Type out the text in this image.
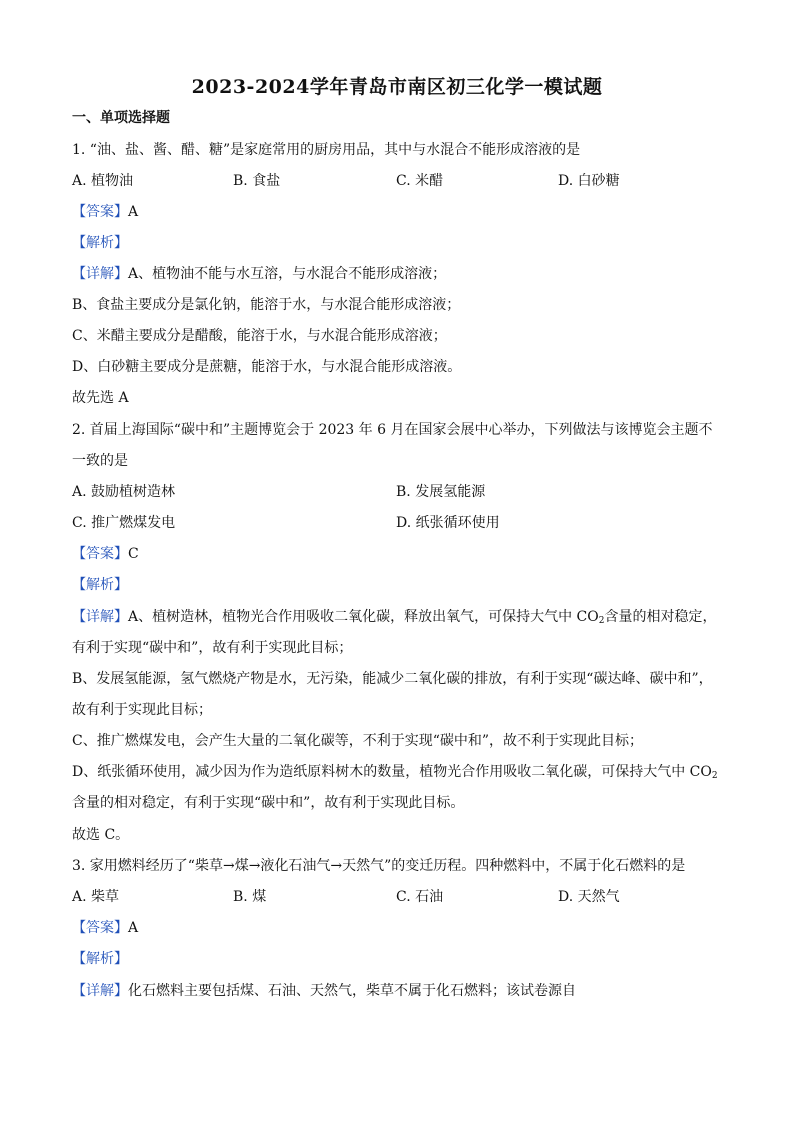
2023-2024学年青岛市南区初三化学一模试题
一、单项选择题
1. “油、盐、酱、醋、糖”是家庭常用的厨房用品，其中与水混合不能形成溶液的是
A. 植物油	B. 食盐	C. 米醋	D. 白砂糖
【答案】A
【解析】
【详解】A、植物油不能与水互溶，与水混合不能形成溶液；
B、食盐主要成分是氯化钠，能溶于水，与水混合能形成溶液；
C、米醋主要成分是醋酸，能溶于水，与水混合能形成溶液；
D、白砂糖主要成分是蔗糖，能溶于水，与水混合能形成溶液。
故先选 A
2. 首届上海国际“碳中和”主题博览会于 2023 年 6 月在国家会展中心举办，下列做法与该博览会主题不
一致的是
A. 鼓励植树造林	B. 发展氢能源
C. 推广燃煤发电	D. 纸张循环使用
【答案】C
【解析】
【详解】A、植树造林，植物光合作用吸收二氧化碳，释放出氧气，可保持大气中 $CO_2$含量的相对稳定，
有利于实现“碳中和”，故有利于实现此目标；
B、发展氢能源，氢气燃烧产物是水，无污染，能减少二氧化碳的排放，有利于实现“碳达峰、碳中和”，
故有利于实现此目标；
C、推广燃煤发电，会产生大量的二氧化碳等，不利于实现“碳中和”，故不利于实现此目标；
D、纸张循环使用，减少因为作为造纸原料树木的数量，植物光合作用吸收二氧化碳，可保持大气中 $CO_2$
含量的相对稳定，有利于实现“碳中和”，故有利于实现此目标。
故选 C。
3. 家用燃料经历了“柴草→煤→液化石油气→天然气”的变迁历程。四种燃料中，不属于化石燃料的是
A. 柴草	B. 煤	C. 石油	D. 天然气
【答案】A
【解析】
【详解】化石燃料主要包括煤、石油、天然气，柴草不属于化石燃料；该试卷源自
